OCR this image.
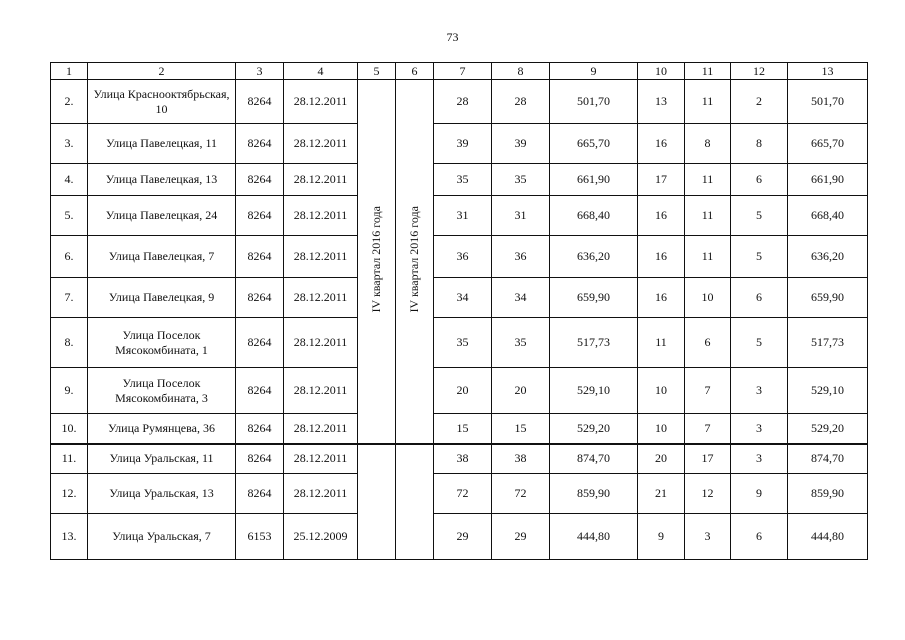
73
1	2	3	4	5	6	7	8	9	10	11	12	13
2.	Улица Краснооктябрьская, 10	8264	28.12.2011	IV квартал 2016 года	IV квартал 2016 года	28	28	501,70	13	11	2	501,70
3.	Улица Павелецкая, 11	8264	28.12.2011			39	39	665,70	16	8	8	665,70
4.	Улица Павелецкая, 13	8264	28.12.2011			35	35	661,90	17	11	6	661,90
5.	Улица Павелецкая, 24	8264	28.12.2011			31	31	668,40	16	11	5	668,40
6.	Улица Павелецкая, 7	8264	28.12.2011			36	36	636,20	16	11	5	636,20
7.	Улица Павелецкая, 9	8264	28.12.2011			34	34	659,90	16	10	6	659,90
8.	Улица Поселок Мясокомбината, 1	8264	28.12.2011			35	35	517,73	11	6	5	517,73
9.	Улица Поселок Мясокомбината, 3	8264	28.12.2011			20	20	529,10	10	7	3	529,10
10.	Улица Румянцева, 36	8264	28.12.2011			15	15	529,20	10	7	3	529,20
11.	Улица Уральская, 11	8264	28.12.2011			38	38	874,70	20	17	3	874,70
12.	Улица Уральская, 13	8264	28.12.2011			72	72	859,90	21	12	9	859,90
13.	Улица Уральская, 7	6153	25.12.2009			29	29	444,80	9	3	6	444,80
